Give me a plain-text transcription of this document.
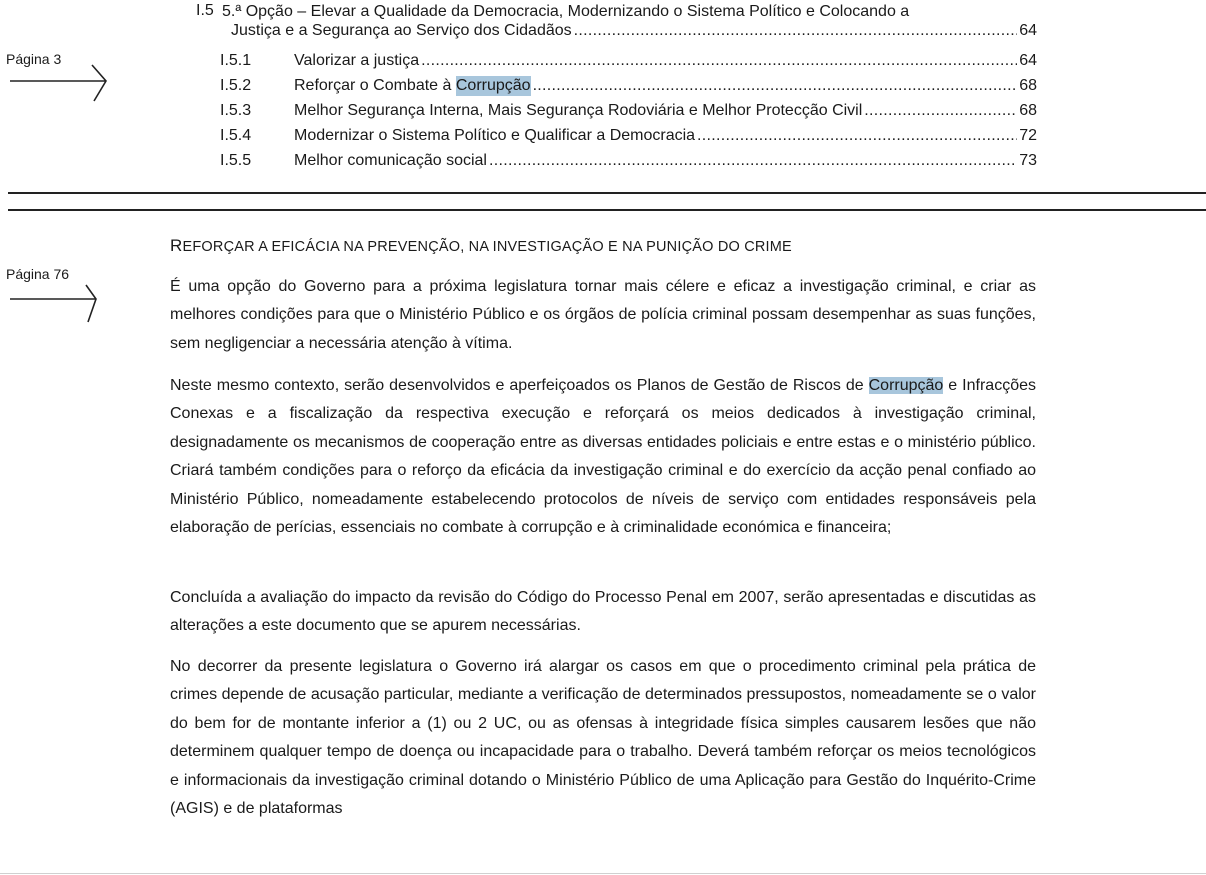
I.5 5.ª Opção – Elevar a Qualidade da Democracia, Modernizando o Sistema Político e Colocando a
Justiça e a Segurança ao Serviço dos Cidadãos .....	64
I.5.1	Valorizar a justiça .....	64
I.5.2	Reforçar o Combate à Corrupção .....	68
I.5.3	Melhor Segurança Interna, Mais Segurança Rodoviária e Melhor Protecção Civil .....	68
I.5.4	Modernizar o Sistema Político e Qualificar a Democracia .....	72
I.5.5	Melhor comunicação social .....	73
Página 3
Página 76
REFORÇAR A EFICÁCIA NA PREVENÇÃO, NA INVESTIGAÇÃO E NA PUNIÇÃO DO CRIME

É uma opção do Governo para a próxima legislatura tornar mais célere e eficaz a investigação criminal, e criar as melhores condições para que o Ministério Público e os órgãos de polícia criminal possam desempenhar as suas funções, sem negligenciar a necessária atenção à vítima.

Neste mesmo contexto, serão desenvolvidos e aperfeiçoados os Planos de Gestão de Riscos de Corrupção e Infracções Conexas e a fiscalização da respectiva execução e reforçará os meios dedicados à investigação criminal, designadamente os mecanismos de cooperação entre as diversas entidades policiais e entre estas e o ministério público. Criará também condições para o reforço da eficácia da investigação criminal e do exercício da acção penal confiado ao Ministério Público, nomeadamente estabelecendo protocolos de níveis de serviço com entidades responsáveis pela elaboração de perícias, essenciais no combate à corrupção e à criminalidade económica e financeira;

Concluída a avaliação do impacto da revisão do Código do Processo Penal em 2007, serão apresentadas e discutidas as alterações a este documento que se apurem necessárias.

No decorrer da presente legislatura o Governo irá alargar os casos em que o procedimento criminal pela prática de crimes depende de acusação particular, mediante a verificação de determinados pressupostos, nomeadamente se o valor do bem for de montante inferior a (1) ou 2 UC, ou as ofensas à integridade física simples causarem lesões que não determinem qualquer tempo de doença ou incapacidade para o trabalho. Deverá também reforçar os meios tecnológicos e informacionais da investigação criminal dotando o Ministério Público de uma Aplicação para Gestão do Inquérito-Crime (AGIS) e de plataformas
